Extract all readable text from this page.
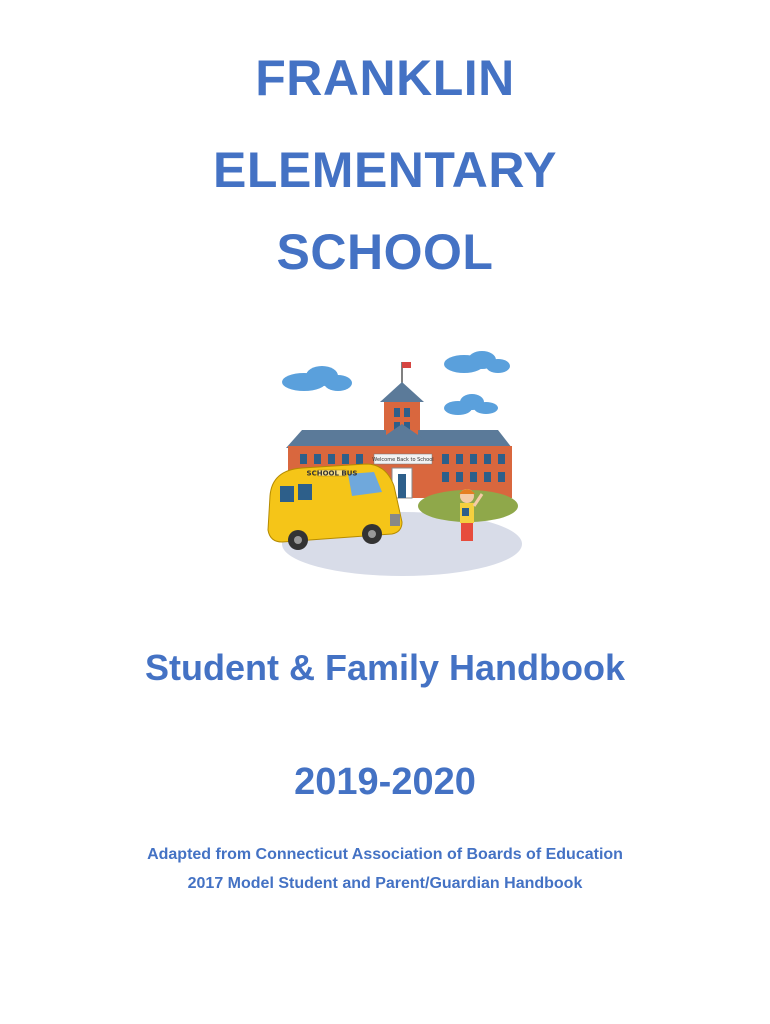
FRANKLIN
ELEMENTARY
SCHOOL
Welcome Back to School
SCHOOL BUS
Student & Family Handbook
2019-2020
Adapted from Connecticut Association of Boards of Education
2017 Model Student and Parent/Guardian Handbook
